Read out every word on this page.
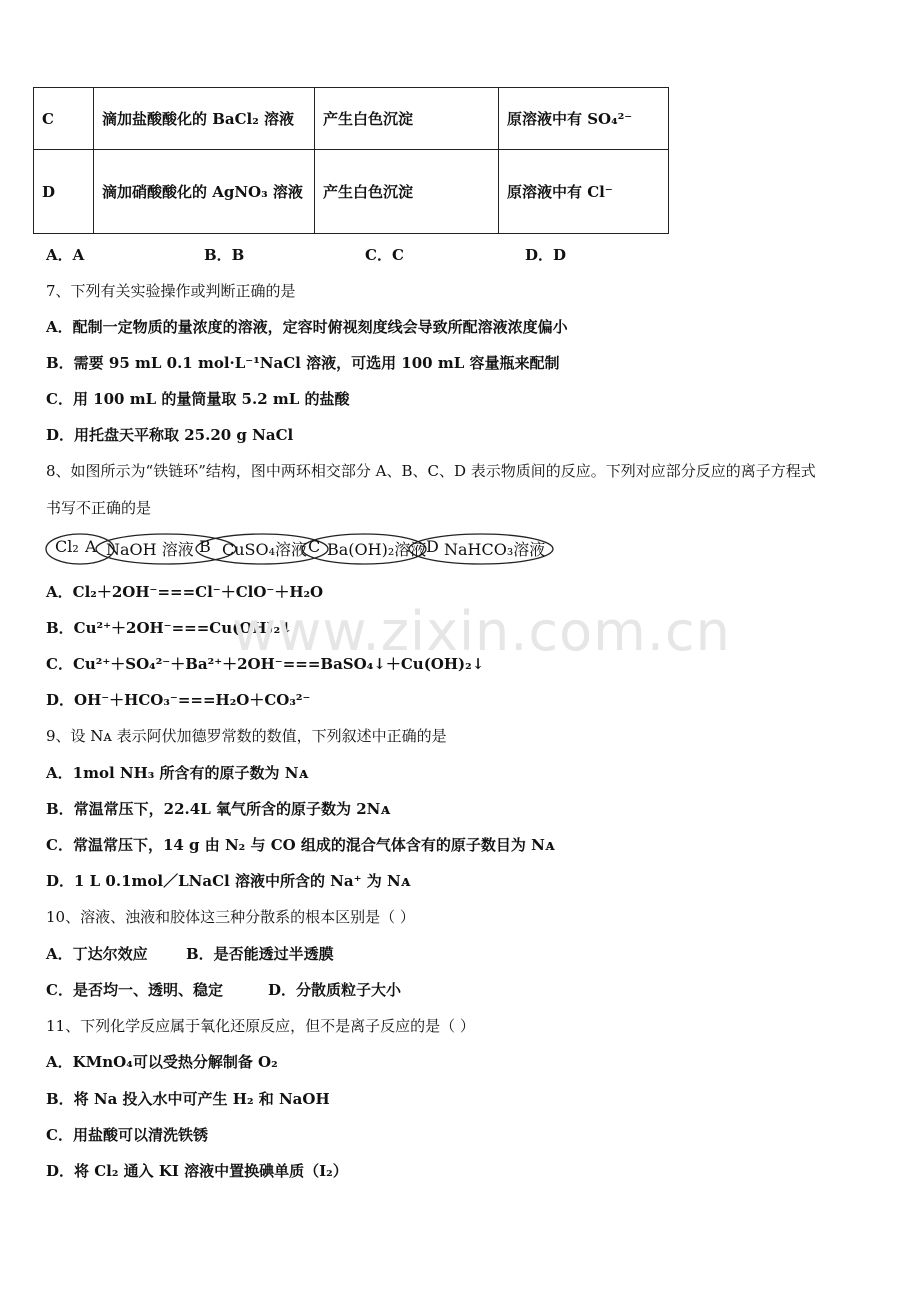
C	滴加盐酸酸化的 BaCl₂ 溶液	产生白色沉淀	原溶液中有 SO₄²⁻
D	滴加硝酸酸化的 AgNO₃ 溶液	产生白色沉淀	原溶液中有 Cl⁻
A．A	B．B	C．C	D．D
7、下列有关实验操作或判断正确的是
A．配制一定物质的量浓度的溶液，定容时俯视刻度线会导致所配溶液浓度偏小
B．需要 95 mL 0.1 mol·L⁻¹NaCl 溶液，可选用 100 mL 容量瓶来配制
C．用 100 mL 的量筒量取 5.2 mL 的盐酸
D．用托盘天平称取 25.20 g NaCl
8、如图所示为“铁链环”结构，图中两环相交部分 A、B、C、D 表示物质间的反应。下列对应部分反应的离子方程式
书写不正确的是
Cl₂ A NaOH 溶液 B CuSO₄溶液 C Ba(OH)₂溶液 D NaHCO₃溶液
A．Cl₂＋2OH⁻===Cl⁻＋ClO⁻＋H₂O
B．Cu²⁺＋2OH⁻===Cu(OH)₂↓
C．Cu²⁺＋SO₄²⁻＋Ba²⁺＋2OH⁻===BaSO₄↓＋Cu(OH)₂↓
D．OH⁻＋HCO₃⁻===H₂O＋CO₃²⁻
9、设 Nᴀ 表示阿伏加德罗常数的数值，下列叙述中正确的是
A．1mol NH₃ 所含有的原子数为 Nᴀ
B．常温常压下，22.4L 氧气所含的原子数为 2Nᴀ
C．常温常压下，14 g 由 N₂ 与 CO 组成的混合气体含有的原子数目为 Nᴀ
D．1 L 0.1mol／LNaCl 溶液中所含的 Na⁺ 为 Nᴀ
10、溶液、浊液和胶体这三种分散系的根本区别是（ ）
A．丁达尔效应	B．是否能透过半透膜
C．是否均一、透明、稳定	D．分散质粒子大小
11、下列化学反应属于氧化还原反应，但不是离子反应的是（ ）
A．KMnO₄可以受热分解制备 O₂
B．将 Na 投入水中可产生 H₂ 和 NaOH
C．用盐酸可以清洗铁锈
D．将 Cl₂ 通入 KI 溶液中置换碘单质（I₂）
www.zixin.com.cn
